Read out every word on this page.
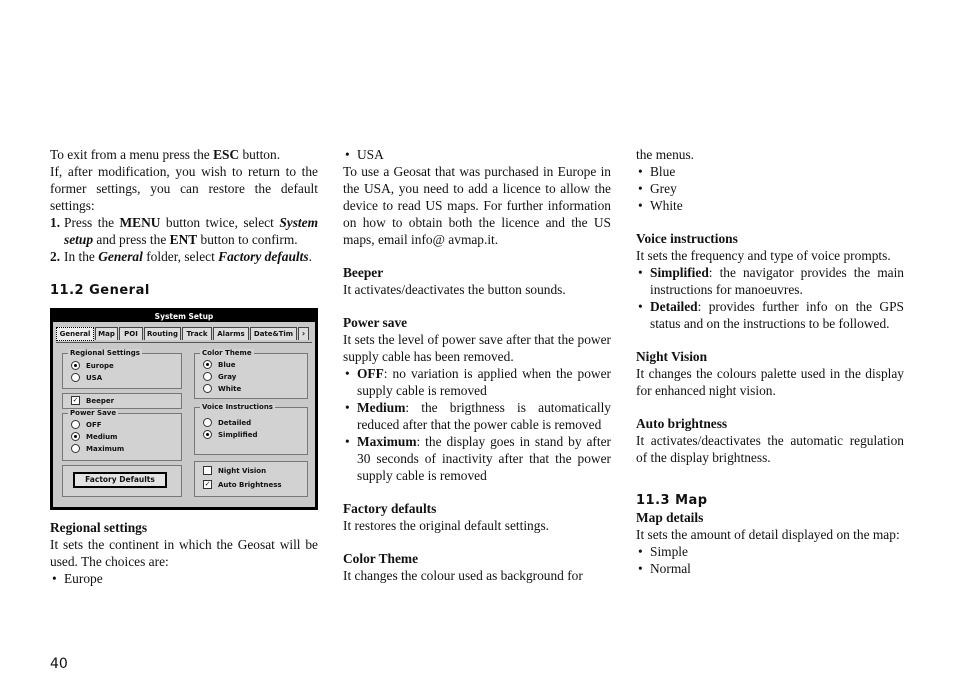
To exit from a menu press the ESC button.

If, after modification, you wish to return to the former settings, you can restore the default settings:

1. Press the MENU button twice, select System setup and press the ENT button to confirm.
2. In the General folder, select Factory defaults.

11.2 General

System Setup
General	Map	POI	Routing	Track	Alarms	Date&Tim	›
Regional Settings
Europe
USA
✓ Beeper
Power Save
OFF
Medium
Maximum
Factory Defaults
Color Theme
Blue
Gray
White
Voice Instructions
Detailed
Simplified
Night Vision
✓ Auto Brightness

Regional settings

It sets the continent in which the Geosat will be used. The choices are:

• Europe
• USA

To use a Geosat that was purchased in Europe in the USA, you need to add a licence to allow the device to read US maps. For further information on how to obtain both the licence and the US maps, email info@ avmap.it.

Beeper

It activates/deactivates the button sounds.

Power save

It sets the level of power save after that the power supply cable has been removed.

• OFF: no variation is applied when the power supply cable is removed
• Medium: the brigthness is automatically reduced after that the power cable is removed
• Maximum: the display goes in stand by after 30 seconds of inactivity after that the power supply cable is removed

Factory defaults

It restores the original default settings.

Color Theme

It changes the colour used as background for

the menus.

• Blue
• Grey
• White

Voice instructions

It sets the frequency and type of voice prompts.

• Simplified: the navigator provides the main instructions for manoeuvres.
• Detailed: provides further info on the GPS status and on the instructions to be followed.

Night Vision

It changes the colours palette used in the display for enhanced night vision.

Auto brightness

It activates/deactivates the automatic regulation of the display brightness.

11.3 Map

Map details

It sets the amount of detail displayed on the map:

• Simple
• Normal
40
